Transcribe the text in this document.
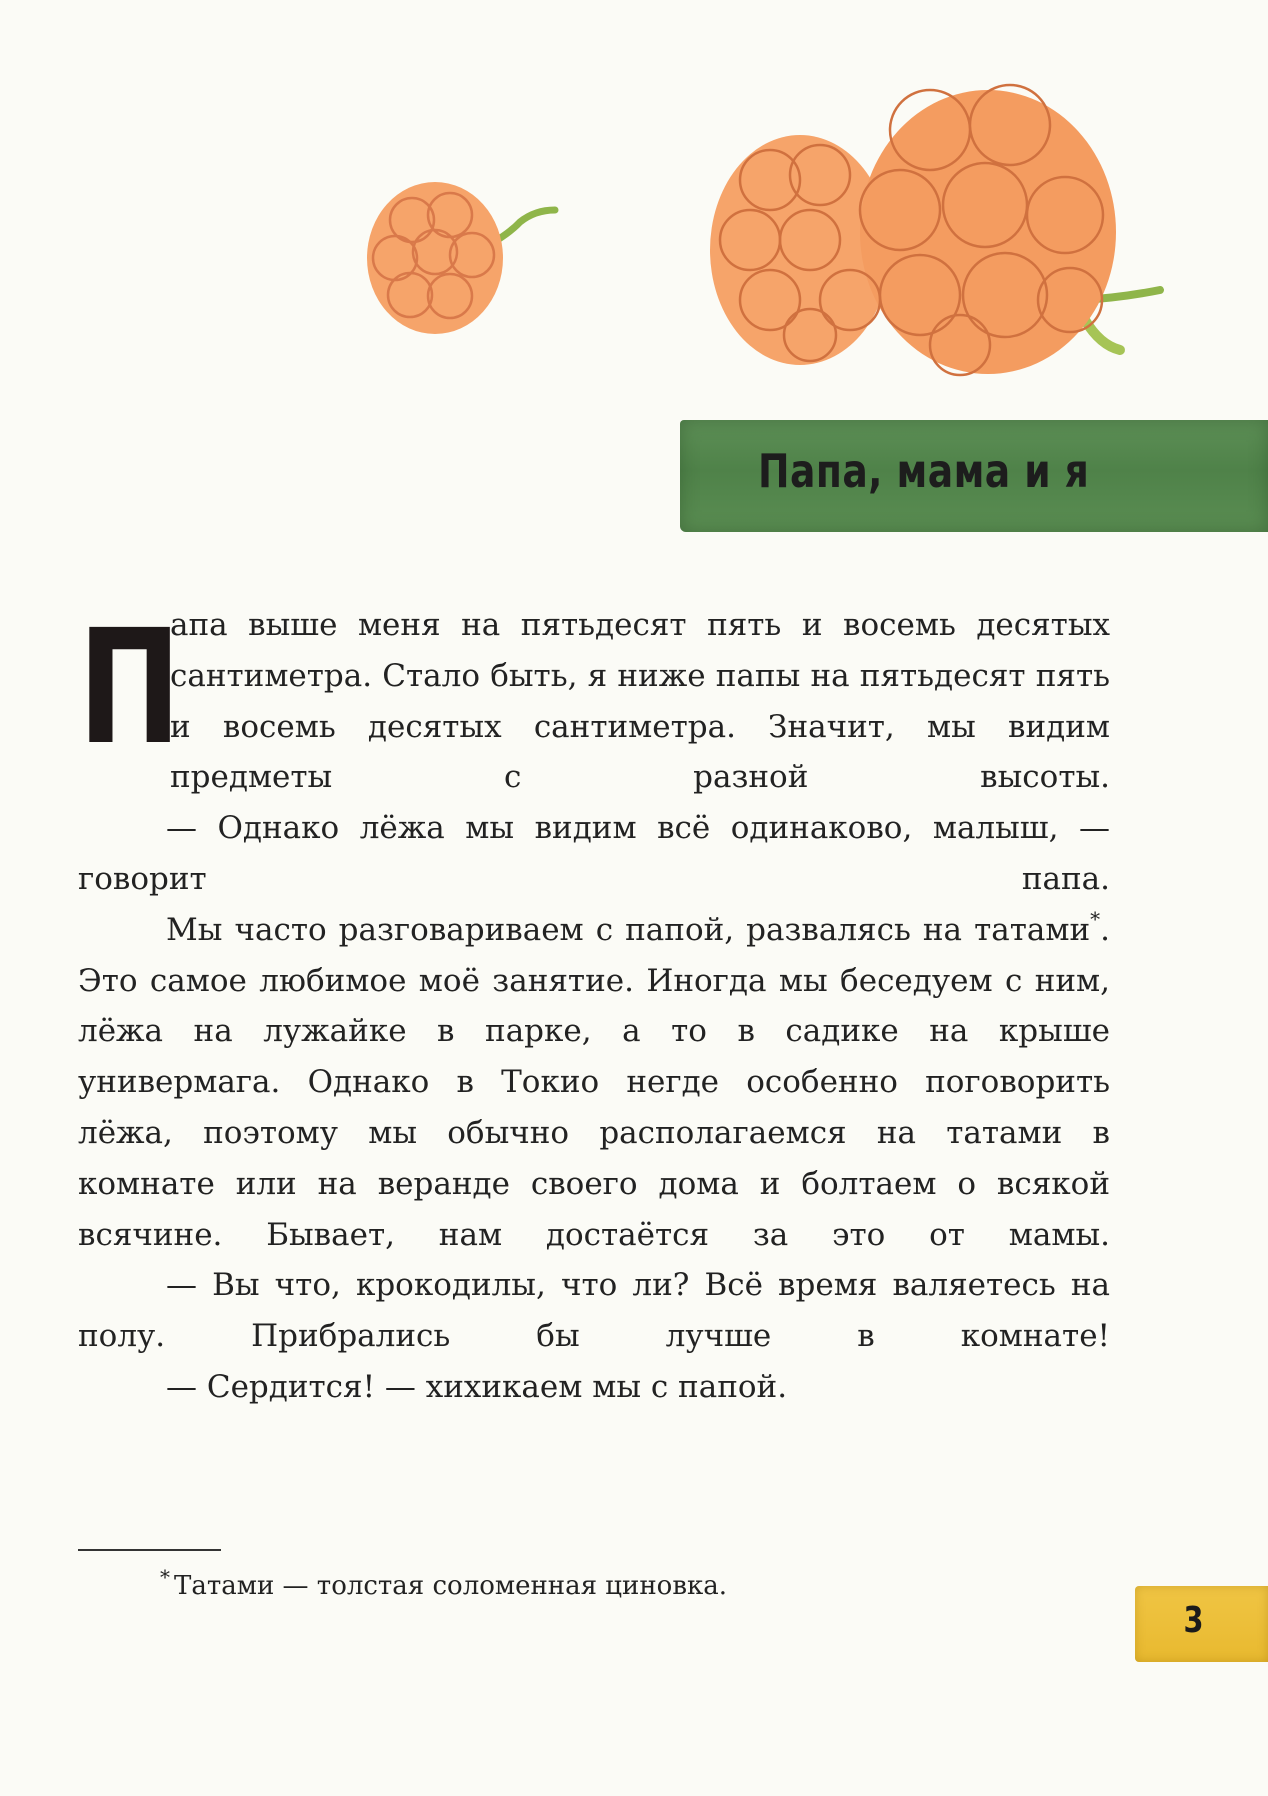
Папа, мама и я

П
апа выше меня на пятьдесят пять и восемь десятых сантиметра. Стало быть, я ниже папы на пятьдесят пять и восемь десятых сантиметра. Значит, мы видим предметы с разной высоты.

— Однако лёжа мы видим всё одинаково, малыш, — говорит папа.

Мы часто разговариваем с папой, развалясь на татами*. Это самое любимое моё занятие. Иногда мы беседуем с ним, лёжа на лужайке в парке, а то в садике на крыше универмага. Однако в Токио негде особенно поговорить лёжа, поэтому мы обычно располагаемся на татами в комнате или на веранде своего дома и болтаем о всякой всячине. Бывает, нам достаётся за это от мамы.

— Вы что, крокодилы, что ли? Всё время валяетесь на полу. Прибрались бы лучше в комнате!

— Сердится! — хихикаем мы с папой.

* Татами — толстая соломенная циновка.
3
